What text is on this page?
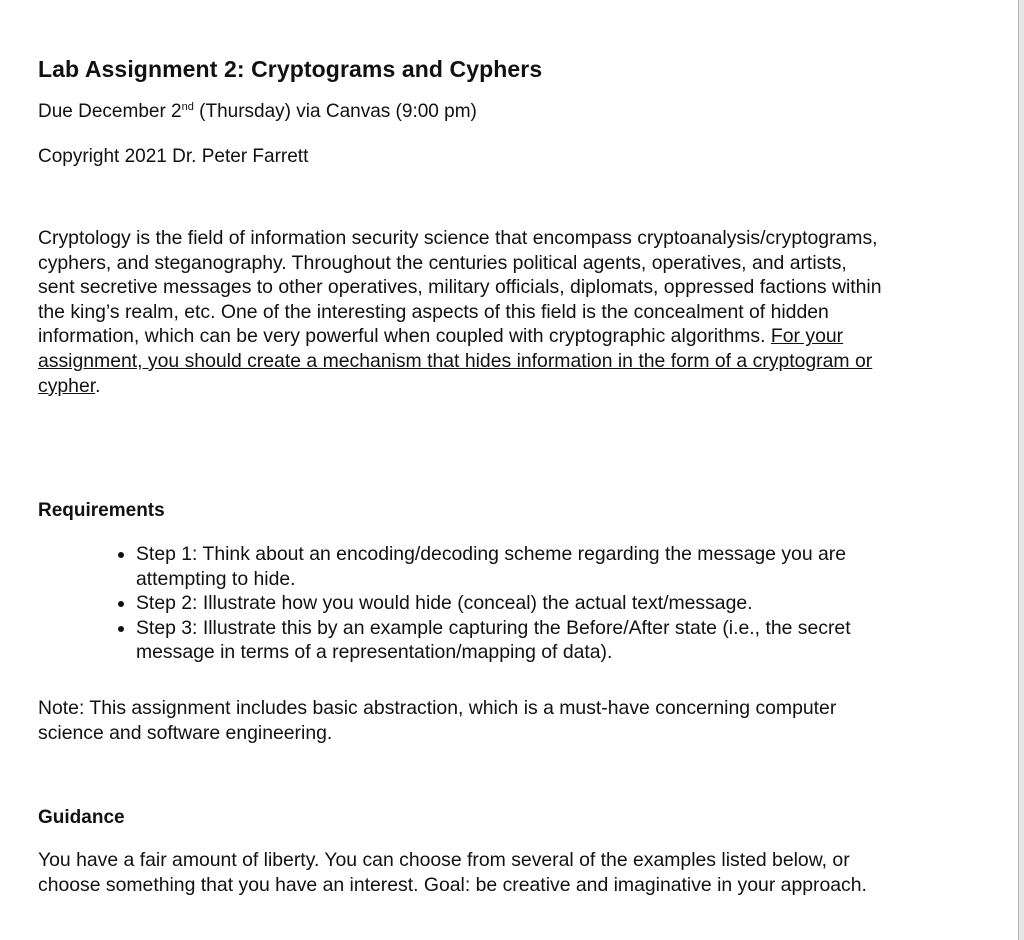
Lab Assignment 2: Cryptograms and Cyphers

Due December 2nd (Thursday) via Canvas (9:00 pm)

Copyright 2021 Dr. Peter Farrett

Cryptology is the field of information security science that encompass cryptoanalysis/cryptograms, cyphers, and steganography. Throughout the centuries political agents, operatives, and artists, sent secretive messages to other operatives, military officials, diplomats, oppressed factions within the king’s realm, etc. One of the interesting aspects of this field is the concealment of hidden information, which can be very powerful when coupled with cryptographic algorithms. For your assignment, you should create a mechanism that hides information in the form of a cryptogram or cypher.

Requirements
• Step 1: Think about an encoding/decoding scheme regarding the message you are attempting to hide.
• Step 2: Illustrate how you would hide (conceal) the actual text/message.
• Step 3: Illustrate this by an example capturing the Before/After state (i.e., the secret message in terms of a representation/mapping of data).

Note: This assignment includes basic abstraction, which is a must-have concerning computer science and software engineering.

Guidance

You have a fair amount of liberty. You can choose from several of the examples listed below, or choose something that you have an interest. Goal: be creative and imaginative in your approach.
